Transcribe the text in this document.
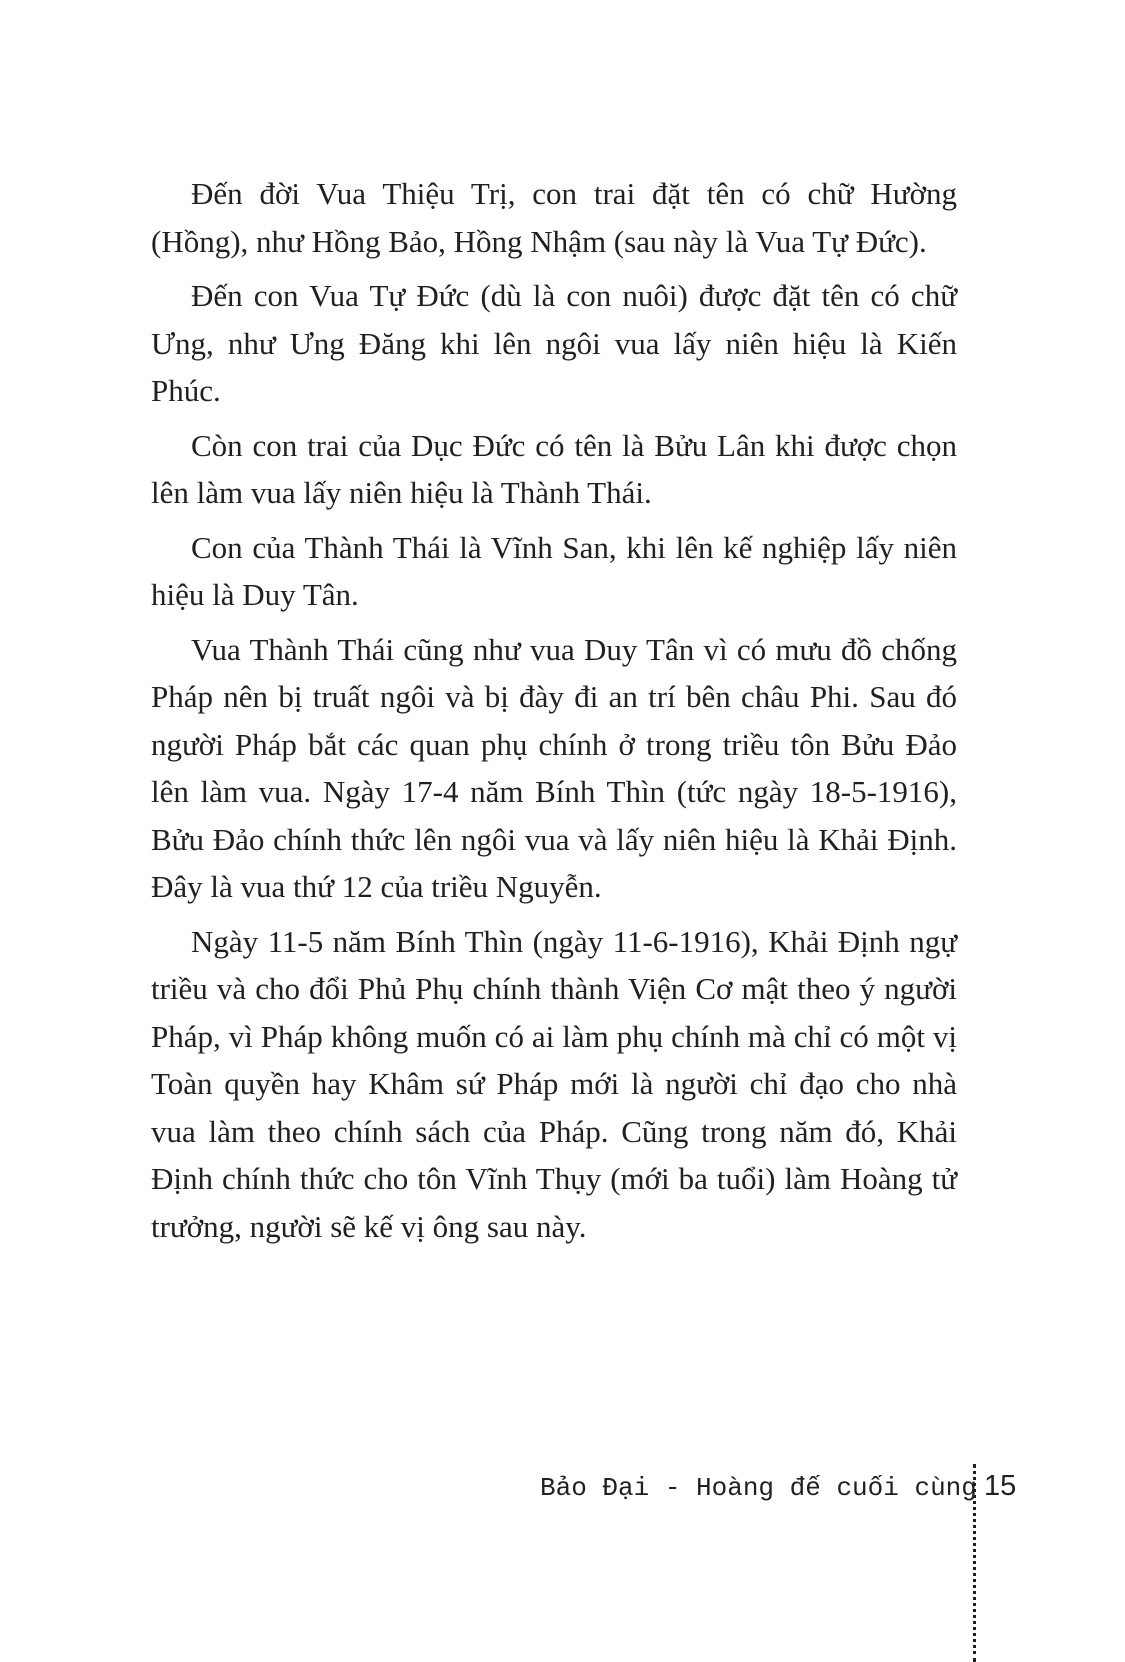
Đến đời Vua Thiệu Trị, con trai đặt tên có chữ Hường (Hồng), như Hồng Bảo, Hồng Nhậm (sau này là Vua Tự Đức).

Đến con Vua Tự Đức (dù là con nuôi) được đặt tên có chữ Ưng, như Ưng Đăng khi lên ngôi vua lấy niên hiệu là Kiến Phúc.

Còn con trai của Dục Đức có tên là Bửu Lân khi được chọn lên làm vua lấy niên hiệu là Thành Thái.

Con của Thành Thái là Vĩnh San, khi lên kế nghiệp lấy niên hiệu là Duy Tân.

Vua Thành Thái cũng như vua Duy Tân vì có mưu đồ chống Pháp nên bị truất ngôi và bị đày đi an trí bên châu Phi. Sau đó người Pháp bắt các quan phụ chính ở trong triều tôn Bửu Đảo lên làm vua. Ngày 17-4 năm Bính Thìn (tức ngày 18-5-1916), Bửu Đảo chính thức lên ngôi vua và lấy niên hiệu là Khải Định. Đây là vua thứ 12 của triều Nguyễn.

Ngày 11-5 năm Bính Thìn (ngày 11-6-1916), Khải Định ngự triều và cho đổi Phủ Phụ chính thành Viện Cơ mật theo ý người Pháp, vì Pháp không muốn có ai làm phụ chính mà chỉ có một vị Toàn quyền hay Khâm sứ Pháp mới là người chỉ đạo cho nhà vua làm theo chính sách của Pháp. Cũng trong năm đó, Khải Định chính thức cho tôn Vĩnh Thụy (mới ba tuổi) làm Hoàng tử trưởng, người sẽ kế vị ông sau này.

Bảo Đại - Hoàng đế cuối cùng 15
